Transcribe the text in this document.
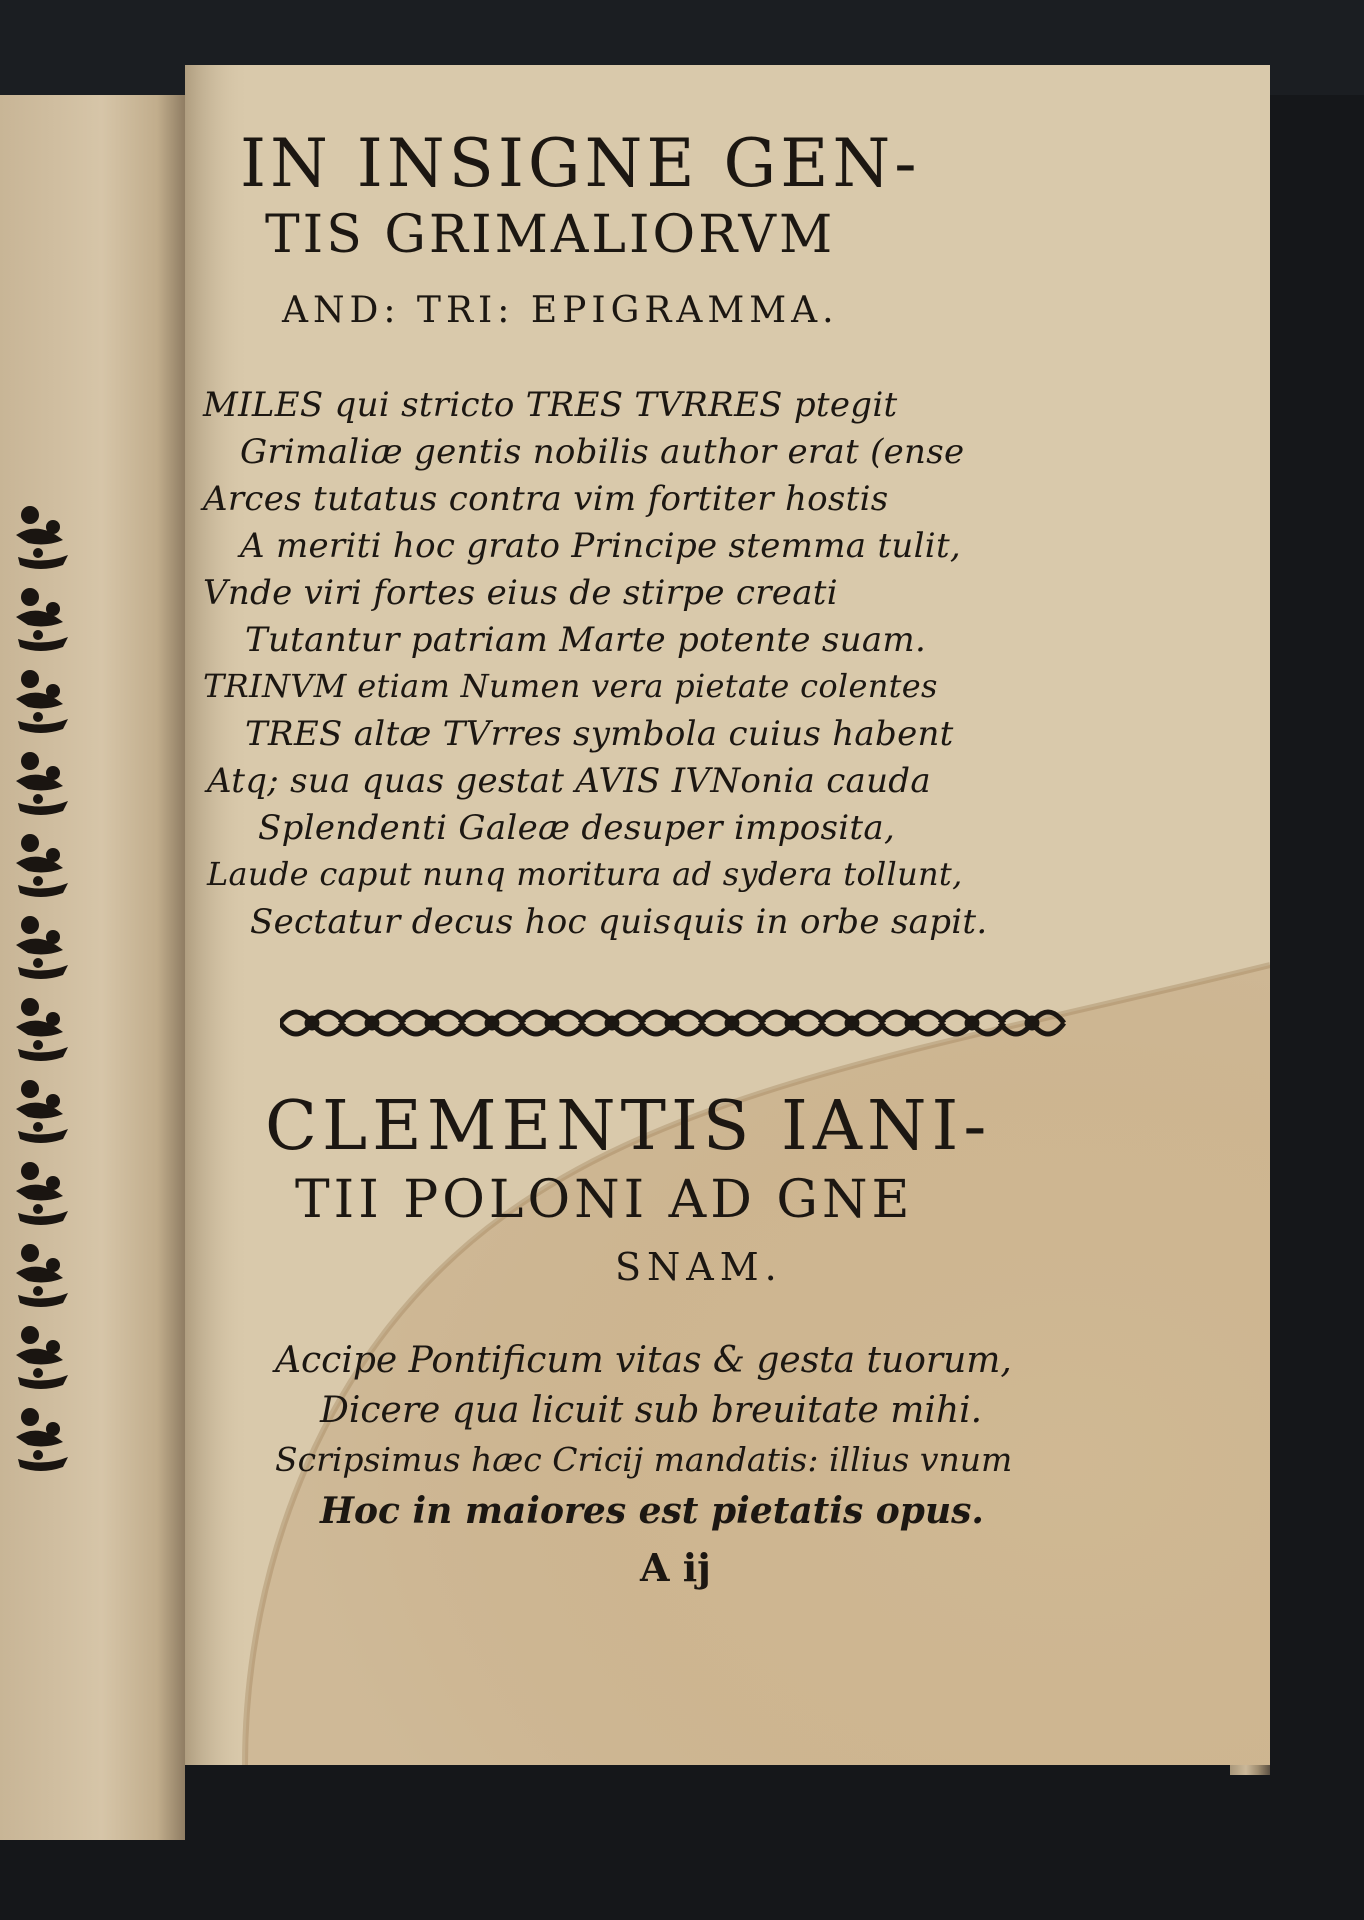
IN INSIGNE GEN-
TIS GRIMALIORVM
AND: TRI: EPIGRAMMA.
MILES qui stricto TRES TVRRES ptegit
Grimaliæ gentis nobilis author erat (ense
Arces tutatus contra vim fortiter hostis
A meriti hoc grato Principe stemma tulit,
Vnde viri fortes eius de stirpe creati
Tutantur patriam Marte potente suam.
TRINVM etiam Numen vera pietate colentes
TRES altæ TVrres symbola cuius habent
Atq; sua quas gestat AVIS IVNonia cauda
Splendenti Galeæ desuper imposita,
Laude caput nunq moritura ad sydera tollunt,
Sectatur decus hoc quisquis in orbe sapit.
CLEMENTIS IANI-
TII POLONI AD GNE
SNAM.
Accipe Pontificum vitas & gesta tuorum,
Dicere qua licuit sub breuitate mihi.
Scripsimus hæc Cricij mandatis: illius vnum
Hoc in maiores est pietatis opus.
A ij
